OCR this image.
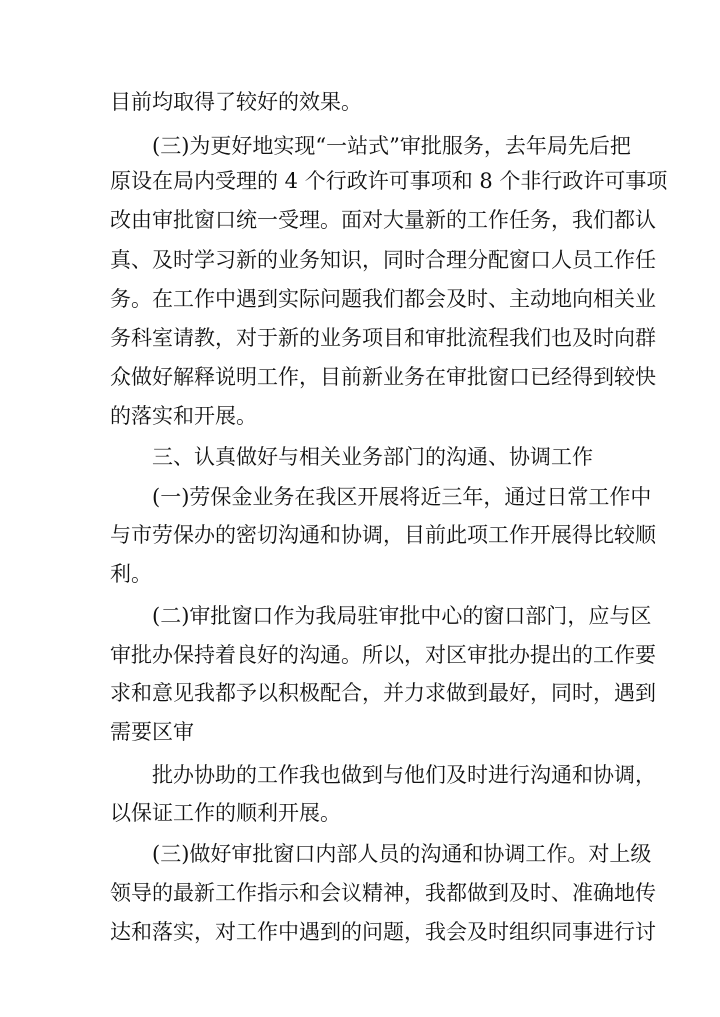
目前均取得了较好的效果。
(三)为更好地实现“一站式”审批服务，去年局先后把
原设在局内受理的 4 个行政许可事项和 8 个非行政许可事项
改由审批窗口统一受理。面对大量新的工作任务，我们都认
真、及时学习新的业务知识，同时合理分配窗口人员工作任
务。在工作中遇到实际问题我们都会及时、主动地向相关业
务科室请教，对于新的业务项目和审批流程我们也及时向群
众做好解释说明工作，目前新业务在审批窗口已经得到较快
的落实和开展。
三、认真做好与相关业务部门的沟通、协调工作
(一)劳保金业务在我区开展将近三年，通过日常工作中
与市劳保办的密切沟通和协调，目前此项工作开展得比较顺
利。
(二)审批窗口作为我局驻审批中心的窗口部门，应与区
审批办保持着良好的沟通。所以，对区审批办提出的工作要
求和意见我都予以积极配合，并力求做到最好，同时，遇到
需要区审
批办协助的工作我也做到与他们及时进行沟通和协调，
以保证工作的顺利开展。
(三)做好审批窗口内部人员的沟通和协调工作。对上级
领导的最新工作指示和会议精神，我都做到及时、准确地传
达和落实，对工作中遇到的问题，我会及时组织同事进行讨
